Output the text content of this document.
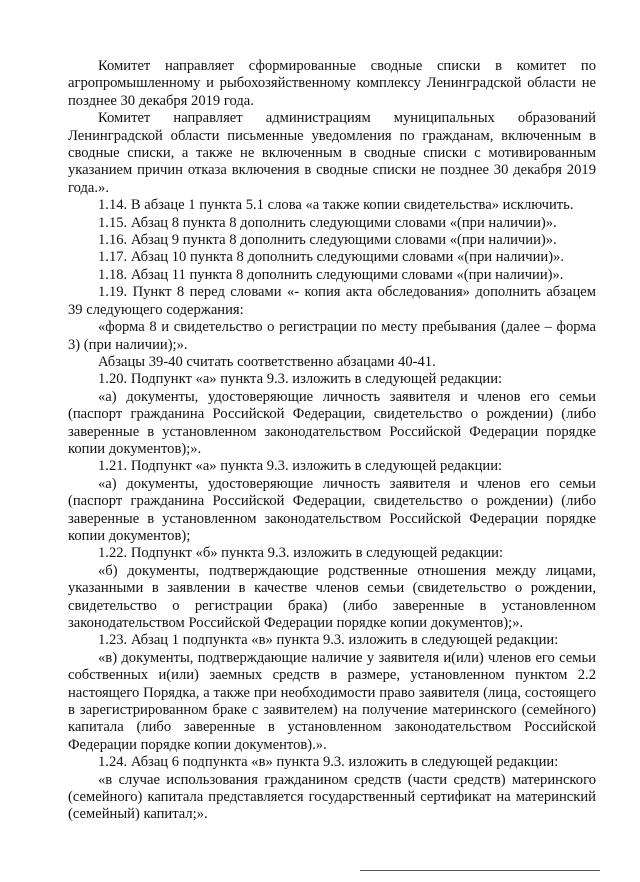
Комитет направляет сформированные сводные списки в комитет по агропромышленному и рыбохозяйственному комплексу Ленинградской области не позднее 30 декабря 2019 года.

Комитет направляет администрациям муниципальных образований Ленинградской области письменные уведомления по гражданам, включенным в сводные списки, а также не включенным в сводные списки с мотивированным указанием причин отказа включения в сводные списки не позднее 30 декабря 2019 года.».

1.14. В абзаце 1 пункта 5.1 слова «а также копии свидетельства» исключить.

1.15. Абзац 8 пункта 8 дополнить следующими словами «(при наличии)».

1.16. Абзац 9 пункта 8 дополнить следующими словами «(при наличии)».

1.17. Абзац 10 пункта 8 дополнить следующими словами «(при наличии)».

1.18. Абзац 11 пункта 8 дополнить следующими словами «(при наличии)».

1.19. Пункт 8 перед словами «- копия акта обследования» дополнить абзацем 39 следующего содержания:

«форма 8 и свидетельство о регистрации по месту пребывания (далее – форма 3) (при наличии);».

Абзацы 39-40 считать соответственно абзацами 40-41.

1.20. Подпункт «а» пункта 9.3. изложить в следующей редакции:

«а) документы, удостоверяющие личность заявителя и членов его семьи (паспорт гражданина Российской Федерации, свидетельство о рождении) (либо заверенные в установленном законодательством Российской Федерации порядке копии документов);».

1.21. Подпункт «а» пункта 9.3. изложить в следующей редакции:

«а) документы, удостоверяющие личность заявителя и членов его семьи (паспорт гражданина Российской Федерации, свидетельство о рождении) (либо заверенные в установленном законодательством Российской Федерации порядке копии документов);

1.22. Подпункт «б» пункта 9.3. изложить в следующей редакции:

«б) документы, подтверждающие родственные отношения между лицами, указанными в заявлении в качестве членов семьи (свидетельство о рождении, свидетельство о регистрации брака) (либо заверенные в установленном законодательством Российской Федерации порядке копии документов);».

1.23. Абзац 1 подпункта «в» пункта 9.3. изложить в следующей редакции:

«в) документы, подтверждающие наличие у заявителя и(или) членов его семьи собственных и(или) заемных средств в размере, установленном пунктом 2.2 настоящего Порядка, а также при необходимости право заявителя (лица, состоящего в зарегистрированном браке с заявителем) на получение материнского (семейного) капитала (либо заверенные в установленном законодательством Российской Федерации порядке копии документов).».

1.24. Абзац 6 подпункта «в» пункта 9.3. изложить в следующей редакции:

«в случае использования гражданином средств (части средств) материнского (семейного) капитала представляется государственный сертификат на материнский (семейный) капитал;».
